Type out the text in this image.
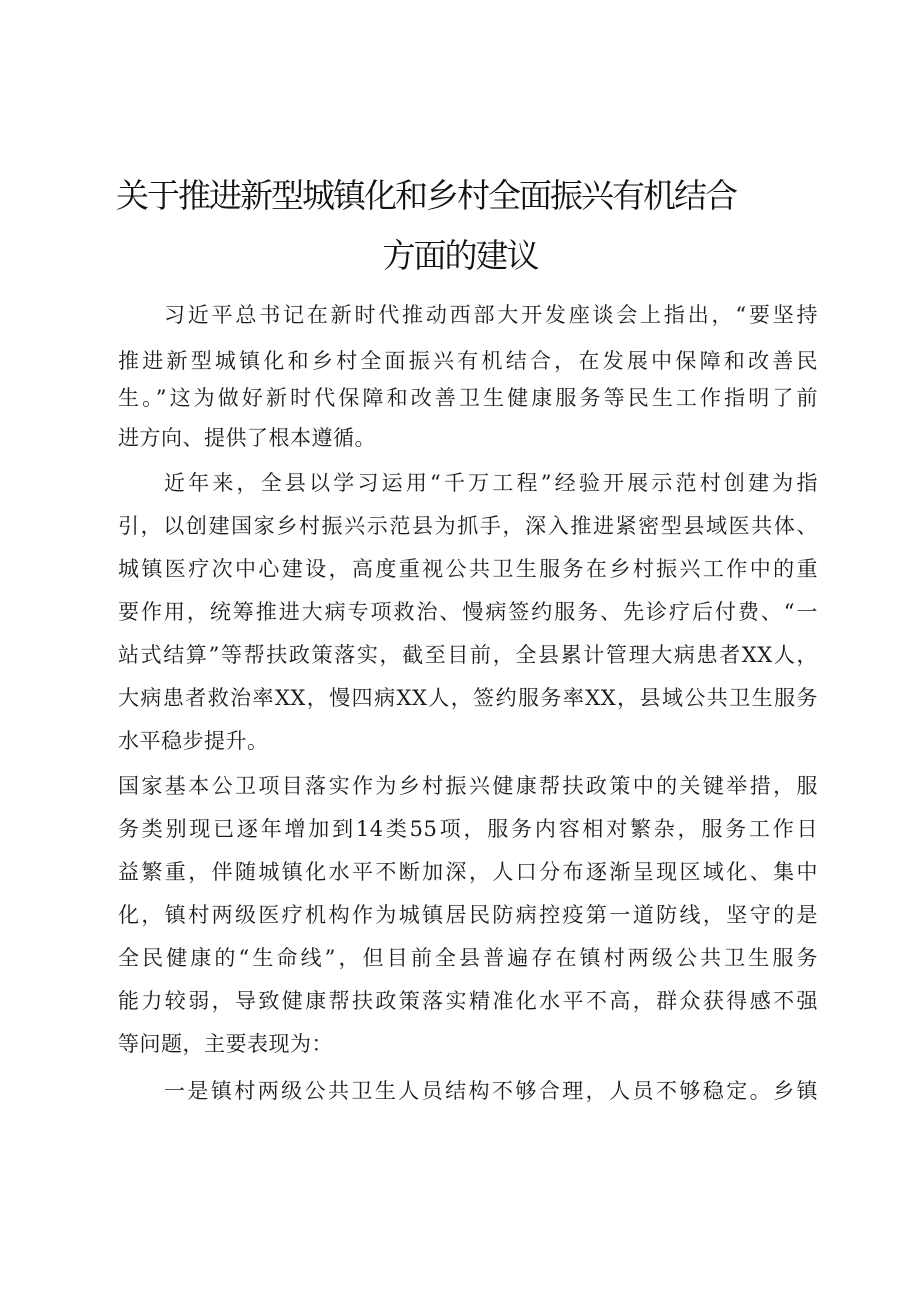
关于推进新型城镇化和乡村全面振兴有机结合
方面的建议

习近平总书记在新时代推动西部大开发座谈会上指出，“要坚持

推进新型城镇化和乡村全面振兴有机结合，在发展中保障和改善民

生。”这为做好新时代保障和改善卫生健康服务等民生工作指明了前

进方向、提供了根本遵循。

近年来，全县以学习运用“千万工程”经验开展示范村创建为指

引，以创建国家乡村振兴示范县为抓手，深入推进紧密型县域医共体、

城镇医疗次中心建设，高度重视公共卫生服务在乡村振兴工作中的重

要作用，统筹推进大病专项救治、慢病签约服务、先诊疗后付费、“一

站式结算”等帮扶政策落实，截至目前，全县累计管理大病患者XX人，

大病患者救治率XX，慢四病XX人，签约服务率XX，县域公共卫生服务

水平稳步提升。

国家基本公卫项目落实作为乡村振兴健康帮扶政策中的关键举措，服

务类别现已逐年增加到14类55项，服务内容相对繁杂，服务工作日

益繁重，伴随城镇化水平不断加深，人口分布逐渐呈现区域化、集中

化，镇村两级医疗机构作为城镇居民防病控疫第一道防线，坚守的是

全民健康的“生命线”，但目前全县普遍存在镇村两级公共卫生服务

能力较弱，导致健康帮扶政策落实精准化水平不高，群众获得感不强

等问题，主要表现为：

一是镇村两级公共卫生人员结构不够合理，人员不够稳定。乡镇
